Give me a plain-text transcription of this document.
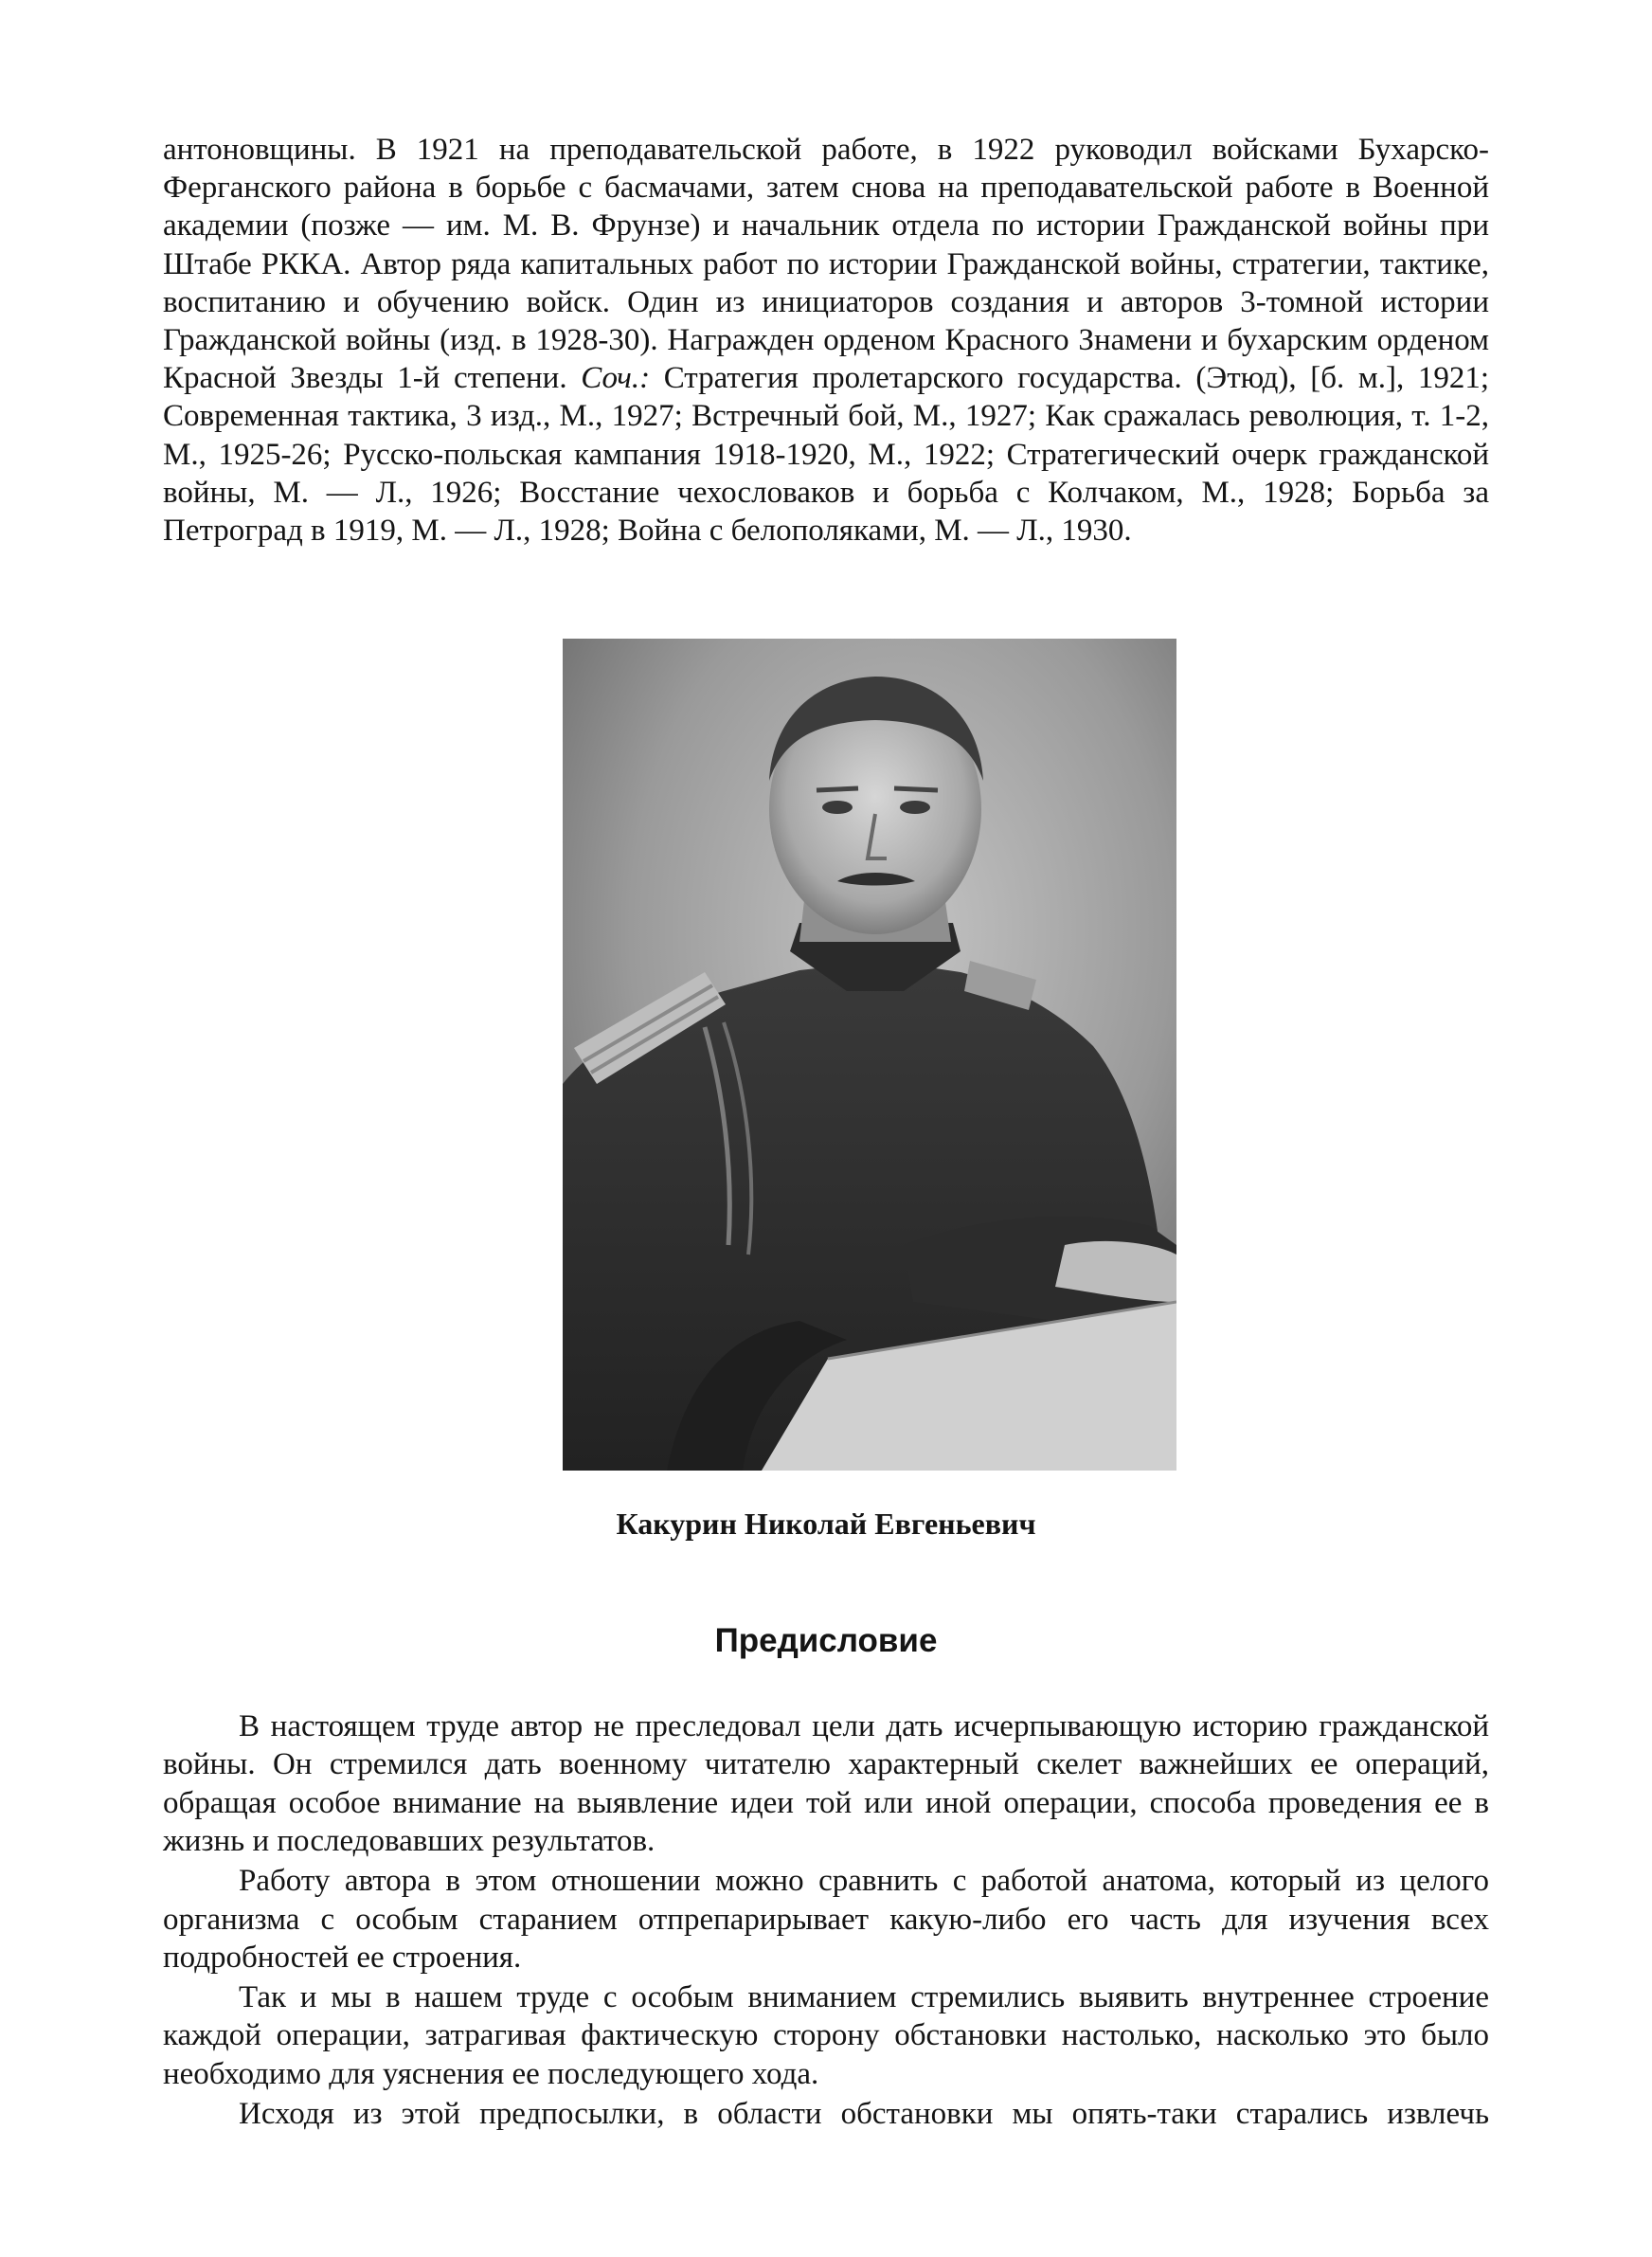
антоновщины. В 1921 на преподавательской работе, в 1922 руководил войсками Бухарско-Ферганского района в борьбе с басмачами, затем снова на преподавательской работе в Военной академии (позже — им. М. В. Фрунзе) и начальник отдела по истории Гражданской войны при Штабе РККА. Автор ряда капитальных работ по истории Гражданской войны, стратегии, тактике, воспитанию и обучению войск. Один из инициаторов создания и авторов 3-томной истории Гражданской войны (изд. в 1928-30). Награжден орденом Красного Знамени и бухарским орденом Красной Звезды 1-й степени. Соч.: Стратегия пролетарского государства. (Этюд), [б. м.], 1921; Современная тактика, 3 изд., М., 1927; Встречный бой, М., 1927; Как сражалась революция, т. 1-2, М., 1925-26; Русско-польская кампания 1918-1920, М., 1922; Стратегический очерк гражданской войны, М. — Л., 1926; Восстание чехословаков и борьба с Колчаком, М., 1928; Борьба за Петроград в 1919, М. — Л., 1928; Война с белополяками, М. — Л., 1930.

Какурин Николай Евгеньевич

Предисловие

В настоящем труде автор не преследовал цели дать исчерпывающую историю гражданской войны. Он стремился дать военному читателю характерный скелет важнейших ее операций, обращая особое внимание на выявление идеи той или иной операции, способа проведения ее в жизнь и последовавших результатов.

Работу автора в этом отношении можно сравнить с работой анатома, который из целого организма с особым старанием отпрепарирывает какую-либо его часть для изучения всех подробностей ее строения.

Так и мы в нашем труде с особым вниманием стремились выявить внутреннее строение каждой операции, затрагивая фактическую сторону обстановки настолько, насколько это было необходимо для уяснения ее последующего хода.

Исходя из этой предпосылки, в области обстановки мы опять-таки старались извлечь
